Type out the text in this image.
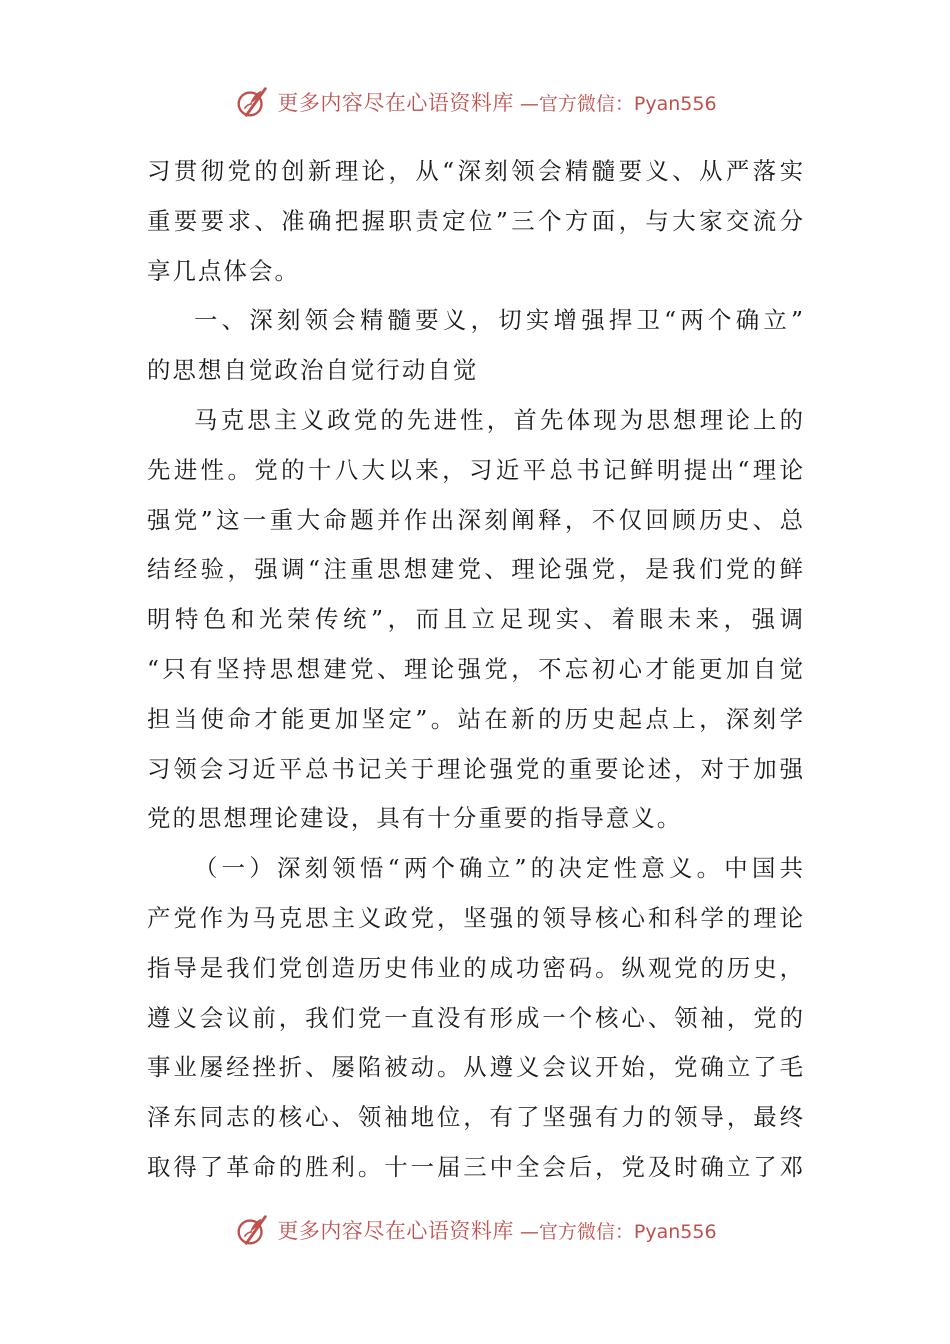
更多内容尽在心语资料库 —官方微信：Pyan556
习贯彻党的创新理论，从“深刻领会精髓要义、从严落实
重要要求、准确把握职责定位”三个方面，与大家交流分
享几点体会。
一、深刻领会精髓要义，切实增强捍卫“两个确立”
的思想自觉政治自觉行动自觉
马克思主义政党的先进性，首先体现为思想理论上的
先进性。党的十八大以来，习近平总书记鲜明提出“理论
强党”这一重大命题并作出深刻阐释，不仅回顾历史、总
结经验，强调“注重思想建党、理论强党，是我们党的鲜
明特色和光荣传统”，而且立足现实、着眼未来，强调
“只有坚持思想建党、理论强党，不忘初心才能更加自觉
担当使命才能更加坚定”。站在新的历史起点上，深刻学
习领会习近平总书记关于理论强党的重要论述，对于加强
党的思想理论建设，具有十分重要的指导意义。
（一）深刻领悟“两个确立”的决定性意义。中国共
产党作为马克思主义政党，坚强的领导核心和科学的理论
指导是我们党创造历史伟业的成功密码。纵观党的历史，
遵义会议前，我们党一直没有形成一个核心、领袖，党的
事业屡经挫折、屡陷被动。从遵义会议开始，党确立了毛
泽东同志的核心、领袖地位，有了坚强有力的领导，最终
取得了革命的胜利。十一届三中全会后，党及时确立了邓
更多内容尽在心语资料库 —官方微信：Pyan556
